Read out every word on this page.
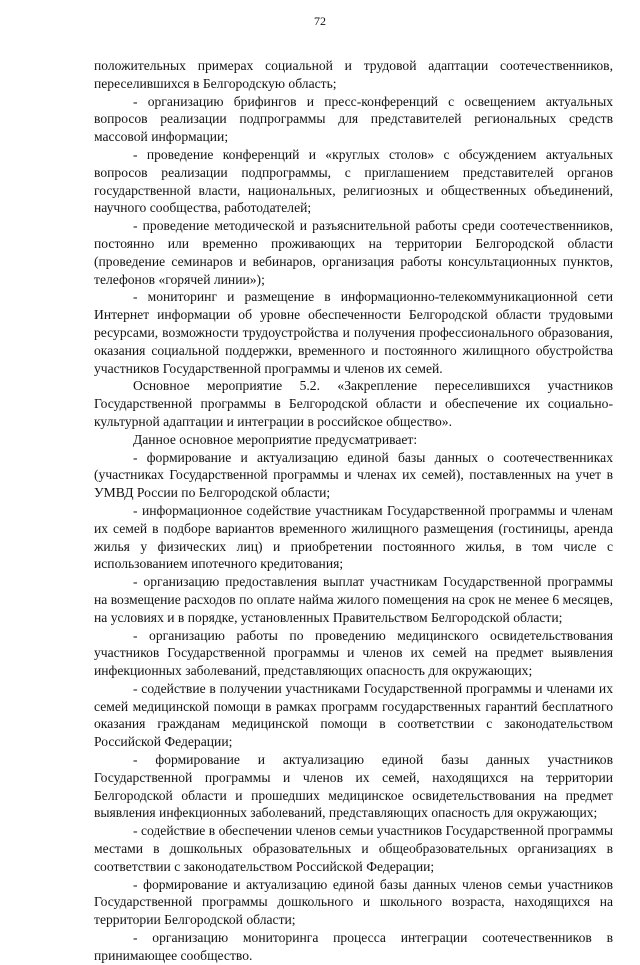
72

положительных примерах социальной и трудовой адаптации соотечественников, переселившихся в Белгородскую область;

- организацию брифингов и пресс-конференций с освещением актуальных вопросов реализации подпрограммы для представителей региональных средств массовой информации;

- проведение конференций и «круглых столов» с обсуждением актуальных вопросов реализации подпрограммы, с приглашением представителей органов государственной власти, национальных, религиозных и общественных объединений, научного сообщества, работодателей;

- проведение методической и разъяснительной работы среди соотечественников, постоянно или временно проживающих на территории Белгородской области (проведение семинаров и вебинаров, организация работы консультационных пунктов, телефонов «горячей линии»);

- мониторинг и размещение в информационно-телекоммуникационной сети Интернет информации об уровне обеспеченности Белгородской области трудовыми ресурсами, возможности трудоустройства и получения профессионального образования, оказания социальной поддержки, временного и постоянного жилищного обустройства участников Государственной программы и членов их семей.

Основное мероприятие 5.2. «Закрепление переселившихся участников Государственной программы в Белгородской области и обеспечение их социально-культурной адаптации и интеграции в российское общество».

Данное основное мероприятие предусматривает:

- формирование и актуализацию единой базы данных о соотечественниках (участниках Государственной программы и членах их семей), поставленных на учет в УМВД России по Белгородской области;

- информационное содействие участникам Государственной программы и членам их семей в подборе вариантов временного жилищного размещения (гостиницы, аренда жилья у физических лиц) и приобретении постоянного жилья, в том числе с использованием ипотечного кредитования;

- организацию предоставления выплат участникам Государственной программы на возмещение расходов по оплате найма жилого помещения на срок не менее 6 месяцев, на условиях и в порядке, установленных Правительством Белгородской области;

- организацию работы по проведению медицинского освидетельствования участников Государственной программы и членов их семей на предмет выявления инфекционных заболеваний, представляющих опасность для окружающих;

- содействие в получении участниками Государственной программы и членами их семей медицинской помощи в рамках программ государственных гарантий бесплатного оказания гражданам медицинской помощи в соответствии с законодательством Российской Федерации;

- формирование и актуализацию единой базы данных участников Государственной программы и членов их семей, находящихся на территории Белгородской области и прошедших медицинское освидетельствования на предмет выявления инфекционных заболеваний, представляющих опасность для окружающих;

- содействие в обеспечении членов семьи участников Государственной программы местами в дошкольных образовательных и общеобразовательных организациях в соответствии с законодательством Российской Федерации;

- формирование и актуализацию единой базы данных членов семьи участников Государственной программы дошкольного и школьного возраста, находящихся на территории Белгородской области;

- организацию мониторинга процесса интеграции соотечественников в принимающее сообщество.
